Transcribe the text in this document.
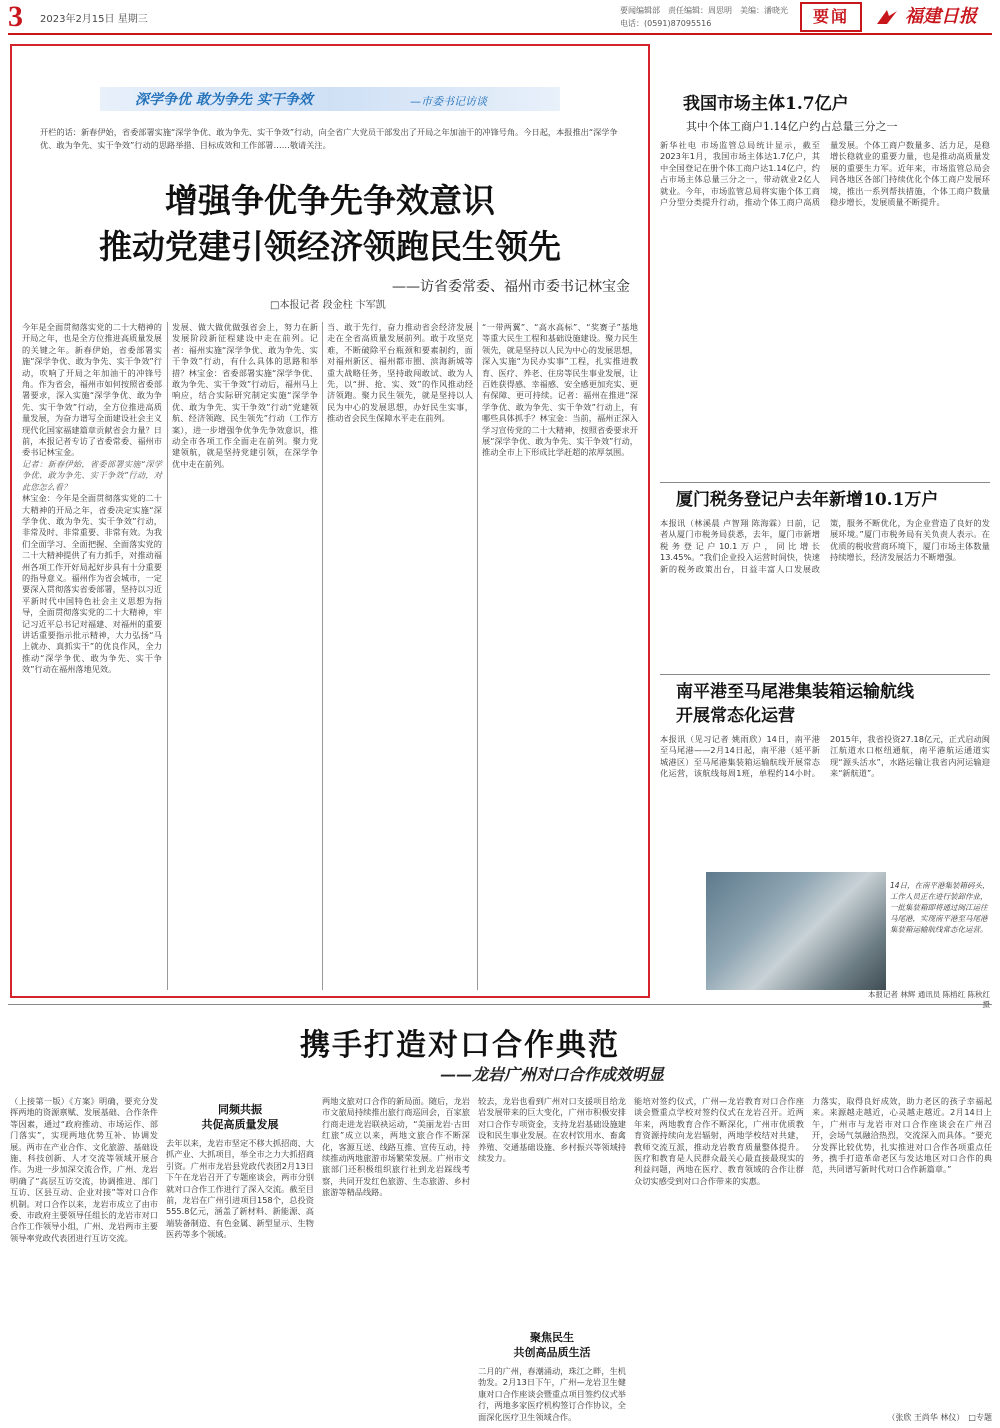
3 2023年2月15日 星期三
要闻编辑部　责任编辑：周思明　美编：潘晓光　电话：(0591)87095516	要闻	福建日报
深学争优 敢为争先 实干争效	—市委书记访谈
开栏的话：新春伊始，省委部署实施“深学争优、敢为争先、实干争效”行动，向全省广大党员干部发出了开局之年加油干的冲锋号角。今日起，本报推出“深学争优、敢为争先、实干争效”行动的思路举措、目标成效和工作部署……敬请关注。
增强争优争先争效意识
推动党建引领经济领跑民生领先
——访省委常委、福州市委书记林宝金
□本报记者 段金柱 卞军凯
今年是全面贯彻落实党的二十大精神的开局之年，也是全方位推进高质量发展的关键之年。新春伊始，省委部署实施“深学争优、敢为争先、实干争效”行动，吹响了开局之年加油干的冲锋号角。作为省会，福州市如何按照省委部署要求，深入实施“深学争优、敢为争先、实干争效”行动，全方位推进高质量发展，为奋力谱写全面建设社会主义现代化国家福建篇章贡献省会力量？日前，本报记者专访了省委常委、福州市委书记林宝金。
记者：新春伊始，省委部署实施“深学争优、敢为争先、实干争效”行动，对此您怎么看？
林宝金：今年是全面贯彻落实党的二十大精神的开局之年，省委决定实施“深学争优、敢为争先、实干争效”行动，非常及时、非常重要、非常有效。为我们全面学习、全面把握、全面落实党的二十大精神提供了有力抓手，对推动福州各项工作开好局起好步具有十分重要的指导意义。福州作为省会城市，一定要深入贯彻落实省委部署，坚持以习近平新时代中国特色社会主义思想为指导，全面贯彻落实党的二十大精神，牢记习近平总书记对福建、对福州的重要讲话重要指示批示精神，大力弘扬“马上就办、真抓实干”的优良作风，全力推动“深学争优、敢为争先、实干争效”行动在福州落地见效。
发展、做大做优做强省会上，努力在新发展阶段新征程建设中走在前列。记者：福州实施“深学争优、敢为争先、实干争效”行动，有什么具体的思路和举措？林宝金：省委部署实施“深学争优、敢为争先、实干争效”行动后，福州马上响应，结合实际研究制定实施“深学争优、敢为争先、实干争效”行动“党建领航、经济领跑、民生领先”行动（工作方案），进一步增强争优争先争效意识，推动全市各项工作全面走在前列。聚力党建领航，就是坚持党建引领，在深学争优中走在前列。
当、敢于先行，奋力推动省会经济发展走在全省高质量发展前列。敢于攻坚克难，不断破除平台瓶颈和要素制约，面对福州新区、福州都市圈、滨海新城等重大战略任务，坚持敢闯敢试、敢为人先，以“拼、抢、实、效”的作风推动经济领跑。聚力民生领先，就是坚持以人民为中心的发展思想，办好民生实事，推动省会民生保障水平走在前列。
“一带两翼”、“高水高标”、“奖赛子”基地等重大民生工程和基础设施建设。聚力民生领先，就是坚持以人民为中心的发展思想，深入实施“为民办实事”工程，扎实推进教育、医疗、养老、住房等民生事业发展，让百姓获得感、幸福感、安全感更加充实、更有保障、更可持续。记者：福州在推进“深学争优、敢为争先、实干争效”行动上，有哪些具体抓手？林宝金：当前，福州正深入学习宣传党的二十大精神，按照省委要求开展“深学争优、敢为争先、实干争效”行动，推动全市上下形成比学赶超的浓厚氛围。
我国市场主体1.7亿户
其中个体工商户1.14亿户约占总量三分之一
新华社电 市场监管总局统计显示，截至2023年1月，我国市场主体达1.7亿户，其中全国登记在册个体工商户达1.14亿户，约占市场主体总量三分之一，带动就业2亿人就业。今年，市场监管总局将实施个体工商户分型分类提升行动，推动个体工商户高质量发展。个体工商户数量多、活力足，是稳增长稳就业的重要力量，也是推动高质量发展的重要生力军。近年来，市场监管总局会同各地区各部门持续优化个体工商户发展环境，推出一系列帮扶措施，个体工商户数量稳步增长，发展质量不断提升。
厦门税务登记户去年新增10.1万户
本报讯（林溪晨 卢智翔 陈海霖）日前，记者从厦门市税务局获悉，去年，厦门市新增税务登记户10.1万户，同比增长13.45%。“我们企业投入运营时间快，快速新的税务政策出台，日益丰富人口发展政策，服务不断优化，为企业营造了良好的发展环境。”厦门市税务局有关负责人表示。在优质的税收营商环境下，厦门市场主体数量持续增长，经济发展活力不断增强。
南平港至马尾港集装箱运输航线
开展常态化运营
本报讯（见习记者 姚雨欣）14日，南平港至马尾港——2月14日起，南平港（延平新城港区）至马尾港集装箱运输航线开展常态化运营，该航线每周1班，单程约14小时。2015年，我省投资27.18亿元，正式启动闽江航道水口枢纽通航，南平港航运通道实现“源头活水”，水路运输让我省内河运输迎来“新航道”。
14日，在南平港集装箱码头，工作人员正在进行装卸作业，一批集装箱即将通过闽江运往马尾港，实现南平港至马尾港集装箱运输航线常态化运营。
本报记者 林辉 通讯员 陈榕红 陈秋红
携手打造对口合作典范
——龙岩广州对口合作成效明显
（上接第一版）《方案》明确，要充分发挥两地的资源禀赋、发展基础、合作条件等因素，通过“政府推动、市场运作、部门落实”，实现两地优势互补、协调发展。两市在产业合作、文化旅游、基础设施、科技创新、人才交流等领域开展合作。为进一步加深交流合作，广州、龙岩明确了“高层互访交流，协调推进、部门互访、区县互动、企业对接”等对口合作机制。对口合作以来，龙岩市成立了由市委、市政府主要领导任组长的龙岩市对口合作工作领导小组，广州、龙岩两市主要领导率党政代表团进行互访交流。
同频共振
共促高质量发展
去年以来，龙岩市坚定不移大抓招商、大抓产业、大抓项目，举全市之力大抓招商引资。广州市龙岩县党政代表团2月13日下午在龙岩召开了专题座谈会，两市分别就对口合作工作进行了深入交流。截至目前，龙岩在广州引进项目158个，总投资555.8亿元，涵盖了新材料、新能源、高端装备制造、有色金属、新型显示、生物医药等多个领域。
两地文旅对口合作的新局面。随后，龙岩市文旅局持续推出旅行商巡回会，百家旅行商走进龙岩联袂运动，“美丽龙岩·古田红旅”成立以来，两地文旅合作不断深化，客源互送、线路互推、宣传互动，持续推动两地旅游市场繁荣发展。广州市文旅部门还积极组织旅行社到龙岩踩线考察，共同开发红色旅游、生态旅游、乡村旅游等精品线路。
较去，龙岩也看到广州对口支援项目给龙岩发展带来的巨大变化，广州市积极安排对口合作专项资金，支持龙岩基础设施建设和民生事业发展。在农村饮用水、畜禽养殖、交通基础设施、乡村振兴等领域持续发力。
聚焦民生
共创高品质生活
二月的广州，春潮涌动，珠江之畔，生机勃发。2月13日下午，广州—龙岩卫生健康对口合作座谈会暨重点项目签约仪式举行，两地多家医疗机构签订合作协议，全面深化医疗卫生领域合作。
能培对签约仪式，广州—龙岩教育对口合作座谈会暨重点学校对签约仪式在龙岩召开。近两年来，两地教育合作不断深化，广州市优质教育资源持续向龙岩辐射，两地学校结对共建，教师交流互派，推动龙岩教育质量整体提升。医疗和教育是人民群众最关心最直接最现实的利益问题，两地在医疗、教育领域的合作让群众切实感受到对口合作带来的实惠。
力落实，取得良好成效，助力老区的孩子幸福起来。来源越走越近，心灵越走越近。2月14日上午，广州市与龙岩市对口合作座谈会在广州召开，会场气氛融洽热烈，交流深入而具体。“要充分发挥比较优势，扎实推进对口合作各项重点任务，携手打造革命老区与发达地区对口合作的典范，共同谱写新时代对口合作新篇章。”
（张欣 王尚华 林仪）　□专题
